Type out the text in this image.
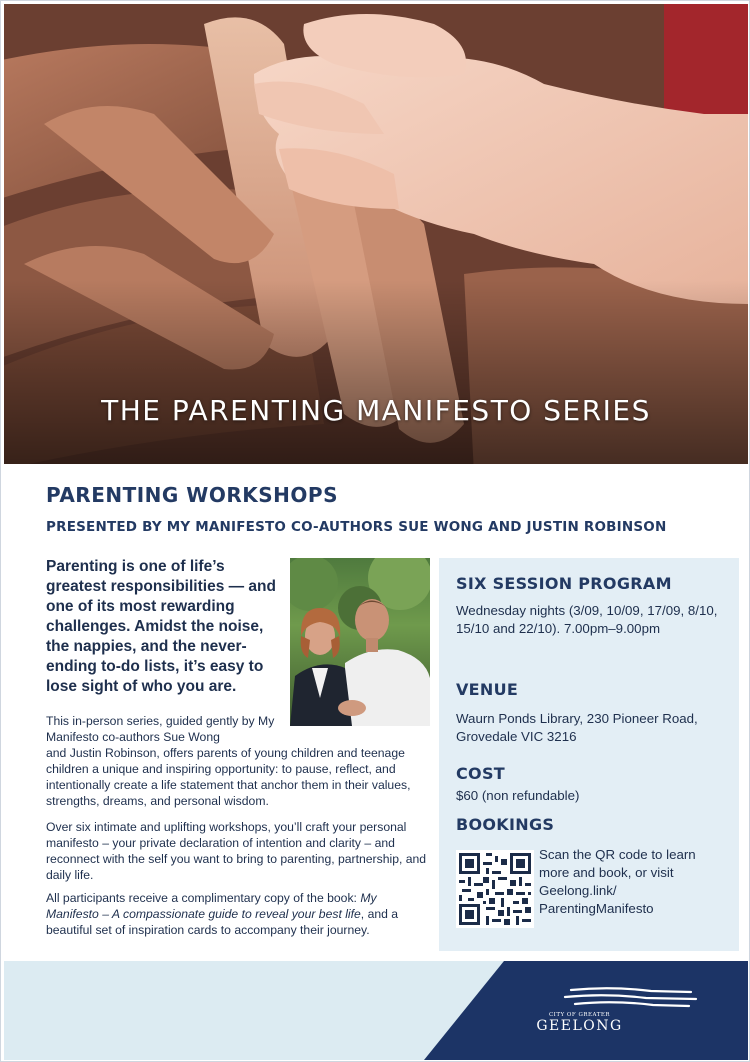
THE PARENTING MANIFESTO SERIES
PARENTING WORKSHOPS
PRESENTED BY MY MANIFESTO CO-AUTHORS SUE WONG AND JUSTIN ROBINSON
Parenting is one of life’s greatest responsibilities — and one of its most rewarding challenges. Amidst the noise, the nappies, and the never-ending to-do lists, it’s easy to lose sight of who you are.
This in-person series, guided gently by My Manifesto co-authors Sue Wong
and Justin Robinson, offers parents of young children and teenage children a unique and inspiring opportunity: to pause, reflect, and intentionally create a life statement that anchor them in their values, strengths, dreams, and personal wisdom.
Over six intimate and uplifting workshops, you’ll craft your personal manifesto – your private declaration of intention and clarity – and reconnect with the self you want to bring to parenting, partnership, and daily life.
All participants receive a complimentary copy of the book: My Manifesto – A compassionate guide to reveal your best life, and a beautiful set of inspiration cards to accompany their journey.
SIX SESSION PROGRAM
Wednesday nights (3/09, 10/09, 17/09, 8/10, 15/10 and 22/10). 7.00pm–9.00pm
VENUE
Waurn Ponds Library, 230 Pioneer Road, Grovedale VIC 3216
COST
$60 (non refundable)
BOOKINGS
Scan the QR code to learn more and book, or visit Geelong.link/ ParentingManifesto
CITY OF GREATER
GEELONG
